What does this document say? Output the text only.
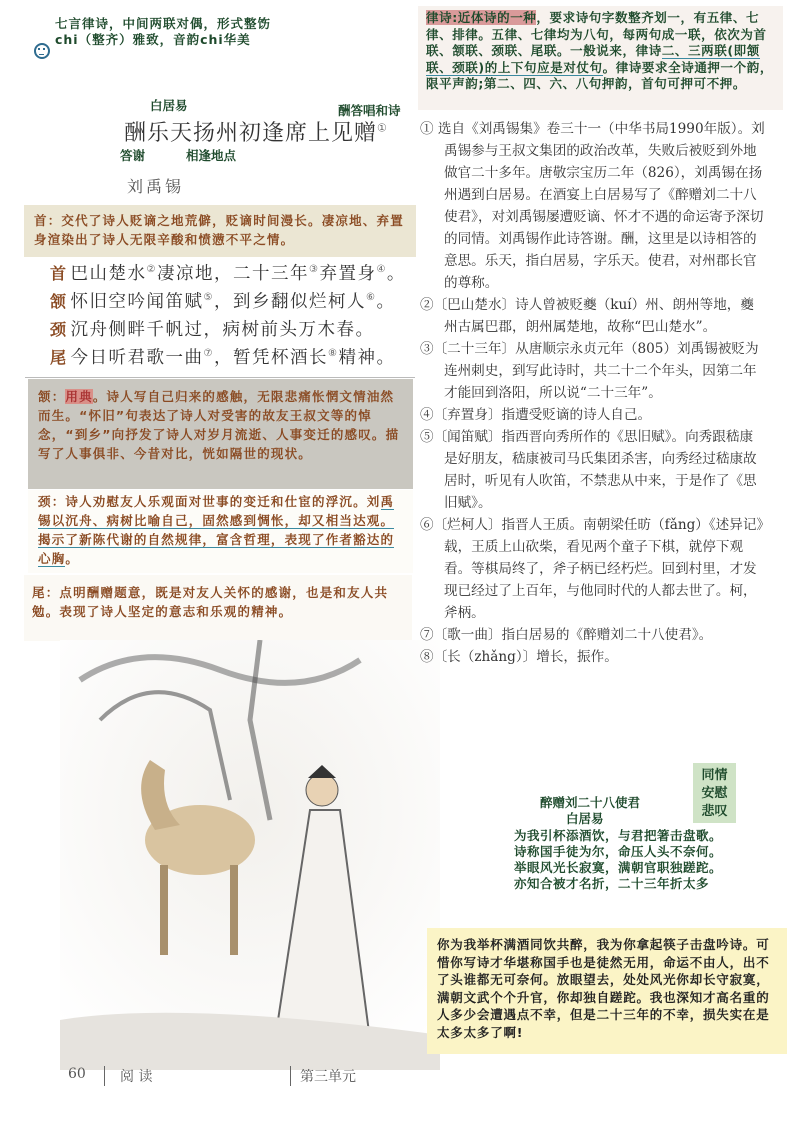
七言律诗，中间两联对偶，形式整饬chi（整齐）雅致，音韵chi华美
律诗:近体诗的一种，要求诗句字数整齐划一，有五律、七律、排律。五律、七律均为八句，每两句成一联，依次为首联、颔联、颈联、尾联。一般说来，律诗二、三两联(即颔联、颈联)的上下句应是对仗句。律诗要求全诗通押一个韵，限平声韵;第二、四、六、八句押韵，首句可押可不押。
白居易	酬答唱和诗
酬乐天扬州初逢席上见赠①
答谢	相逢地点
刘禹锡
首：交代了诗人贬谪之地荒僻，贬谪时间漫长。凄凉地、弃置身渲染出了诗人无限辛酸和愤懑不平之情。
首 巴山楚水②凄凉地，二十三年③弃置身④。
颔 怀旧空吟闻笛赋⑤，到乡翻似烂柯人⑥。
颈 沉舟侧畔千帆过，病树前头万木春。
尾 今日听君歌一曲⑦，暂凭杯酒长⑧精神。
颔：用典。诗人写自己归来的感触，无限悲痛怅惘文情油然而生。“怀旧”句表达了诗人对受害的故友王叔文等的悼念，“到乡”向抒发了诗人对岁月流逝、人事变迁的感叹。描写了人事俱非、今昔对比，恍如隔世的现状。
颈：诗人劝慰友人乐观面对世事的变迁和仕宦的浮沉。刘禹锡以沉舟、病树比喻自己，固然感到惆怅，却又相当达观。揭示了新陈代谢的自然规律，富含哲理，表现了作者豁达的心胸。
尾：点明酬赠题意，既是对友人关怀的感谢，也是和友人共勉。表现了诗人坚定的意志和乐观的精神。

① 选自《刘禹锡集》卷三十一（中华书局1990年版）。刘禹锡参与王叔文集团的政治改革，失败后被贬到外地做官二十多年。唐敬宗宝历二年（826），刘禹锡在扬州遇到白居易。在酒宴上白居易写了《醉赠刘二十八使君》，对刘禹锡屡遭贬谪、怀才不遇的命运寄予深切的同情。刘禹锡作此诗答谢。酬，这里是以诗相答的意思。乐天，指白居易，字乐天。使君，对州郡长官的尊称。

②〔巴山楚水〕诗人曾被贬夔（kuí）州、朗州等地，夔州古属巴郡，朗州属楚地，故称“巴山楚水”。

③〔二十三年〕从唐顺宗永贞元年（805）刘禹锡被贬为连州刺史，到写此诗时，共二十二个年头，因第二年才能回到洛阳，所以说“二十三年”。

④〔弃置身〕指遭受贬谪的诗人自己。

⑤〔闻笛赋〕指西晋向秀所作的《思旧赋》。向秀跟嵇康是好朋友，嵇康被司马氏集团杀害，向秀经过嵇康故居时，听见有人吹笛，不禁悲从中来，于是作了《思旧赋》。

⑥〔烂柯人〕指晋人王质。南朝梁任昉（fǎng）《述异记》载，王质上山砍柴，看见两个童子下棋，就停下观看。等棋局终了，斧子柄已经朽烂。回到村里，才发现已经过了上百年，与他同时代的人都去世了。柯，斧柄。

⑦〔歌一曲〕指白居易的《醉赠刘二十八使君》。

⑧〔长（zhǎng）〕增长，振作。

同情
安慰
悲叹
醉赠刘二十八使君
白居易
为我引杯添酒饮，与君把箸击盘歌。
诗称国手徒为尔，命压人头不奈何。
举眼风光长寂寞，满朝官职独蹉跎。
亦知合被才名折，二十三年折太多
你为我举杯满酒同饮共醉，我为你拿起筷子击盘吟诗。可惜你写诗才华堪称国手也是徒然无用，命运不由人，出不了头谁都无可奈何。放眼望去，处处风光你却长守寂寞，满朝文武个个升官，你却独自蹉跎。我也深知才高名重的人多少会遭遇点不幸，但是二十三年的不幸，损失实在是太多太多了啊!
60 阅 读	第三单元
